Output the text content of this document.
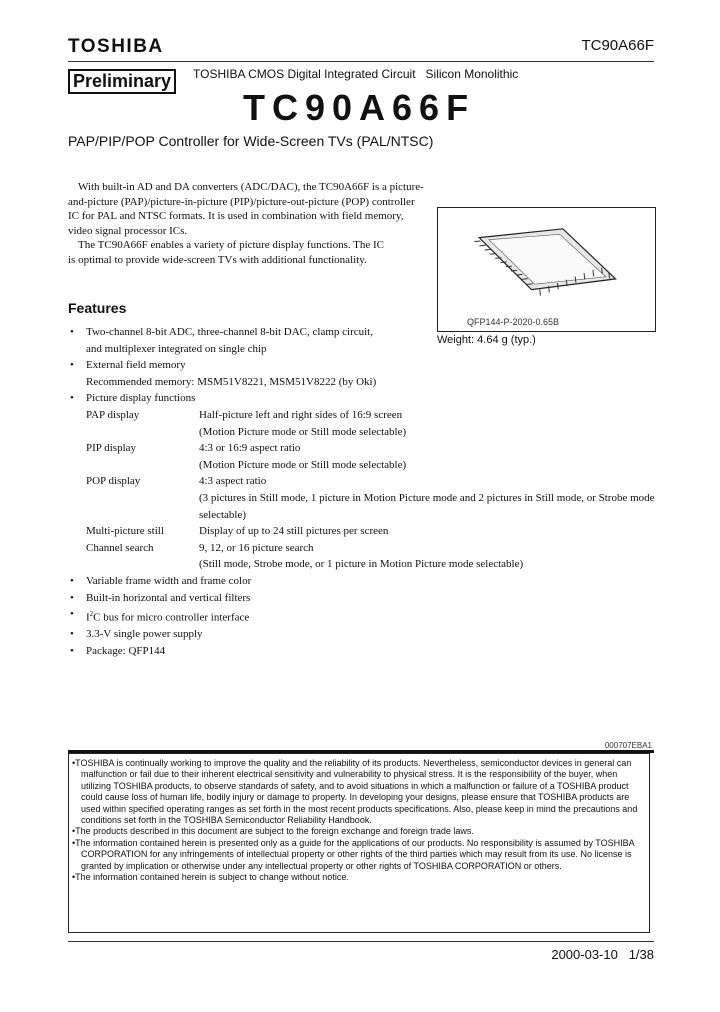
TOSHIBA	TC90A66F
Preliminary	TOSHIBA CMOS Digital Integrated Circuit   Silicon Monolithic
TC90A66F
PAP/PIP/POP Controller for Wide-Screen TVs (PAL/NTSC)

With built-in AD and DA converters (ADC/DAC), the TC90A66F is a picture-and-picture (PAP)/picture-in-picture (PIP)/picture-out-picture (POP) controller IC for PAL and NTSC formats. It is used in combination with field memory, video signal processor ICs.

The TC90A66F enables a variety of picture display functions. The IC is optimal to provide wide-screen TVs with additional functionality.

QFP144-P-2020-0.65B
Weight: 4.64 g (typ.)
Features
• Two-channel 8-bit ADC, three-channel 8-bit DAC, clamp circuit, and multiplexer integrated on single chip
• External field memory
Recommended memory: MSM51V8221, MSM51V8222 (by Oki)
• Picture display functions
PAP display	Half-picture left and right sides of 16:9 screen
(Motion Picture mode or Still mode selectable)
PIP display	4:3 or 16:9 aspect ratio
(Motion Picture mode or Still mode selectable)
POP display	4:3 aspect ratio
(3 pictures in Still mode, 1 picture in Motion Picture mode and 2 pictures in Still mode, or Strobe mode selectable)
Multi-picture still	Display of up to 24 still pictures per screen
Channel search	9, 12, or 16 picture search
(Still mode, Strobe mode, or 1 picture in Motion Picture mode selectable)
• Variable frame width and frame color
• Built-in horizontal and vertical filters
• $I^2C$ bus for micro controller interface
• 3.3-V single power supply
• Package: QFP144
000707EBA1
•TOSHIBA is continually working to improve the quality and the reliability of its products. Nevertheless, semiconductor devices in general can malfunction or fail due to their inherent electrical sensitivity and vulnerability to physical stress. It is the responsibility of the buyer, when utilizing TOSHIBA products, to observe standards of safety, and to avoid situations in which a malfunction or failure of a TOSHIBA product could cause loss of human life, bodily injury or damage to property. In developing your designs, please ensure that TOSHIBA products are used within specified operating ranges as set forth in the most recent products specifications. Also, please keep in mind the precautions and conditions set forth in the TOSHIBA Semiconductor Reliability Handbook.
•The products described in this document are subject to the foreign exchange and foreign trade laws.
•The information contained herein is presented only as a guide for the applications of our products. No responsibility is assumed by TOSHIBA CORPORATION for any infringements of intellectual property or other rights of the third parties which may result from its use. No license is granted by implication or otherwise under any intellectual property or other rights of TOSHIBA CORPORATION or others.
•The information contained herein is subject to change without notice.
2000-03-10 1/38
